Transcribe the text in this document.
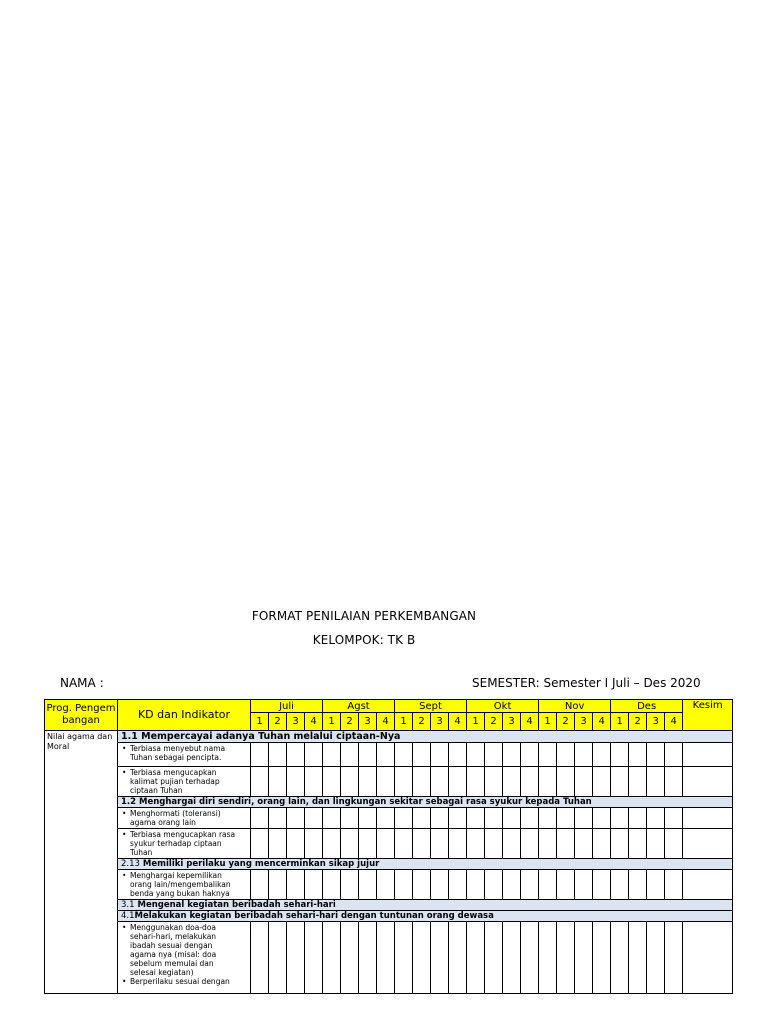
FORMAT PENILAIAN PERKEMBANGAN
KELOMPOK: TK B
NAMA :	SEMESTER: Semester I Juli – Des 2020
Prog. Pengem bangan	KD dan Indikator	Juli				Agst				Sept				Okt				Nov				Des				Kesim
		1	2	3	4	1	2	3	4	1	2	3	4	1	2	3	4	1	2	3	4	1	2	3	4	
Nilai agama dan Moral	1.1 Mempercayai adanya Tuhan melalui ciptaan-Nya																									
	• Terbiasa menyebut nama Tuhan sebagai pencipta.																									
	• Terbiasa mengucapkan kalimat pujian terhadap ciptaan Tuhan																									
	1.2 Menghargai diri sendiri, orang lain, dan lingkungan sekitar sebagai rasa syukur kepada Tuhan																									
	• Menghormati (toleransi) agama orang lain																									
	• Terbiasa mengucapkan rasa syukur terhadap ciptaan Tuhan																									
	2.13 Memiliki perilaku yang mencerminkan sikap jujur																									
	• Menghargai kepemilikan orang lain/mengembalikan benda yang bukan haknya																									
	3.1 Mengenal kegiatan beribadah sehari-hari																									
	4.1Melakukan kegiatan beribadah sehari-hari dengan tuntunan orang dewasa																									

	• Menggunakan doa-doa sehari-hari, melakukan ibadah sesuai dengan agama nya (misal: doa sebelum memulai dan selesai kegiatan)
• Berperilaku sesuai dengan																									
